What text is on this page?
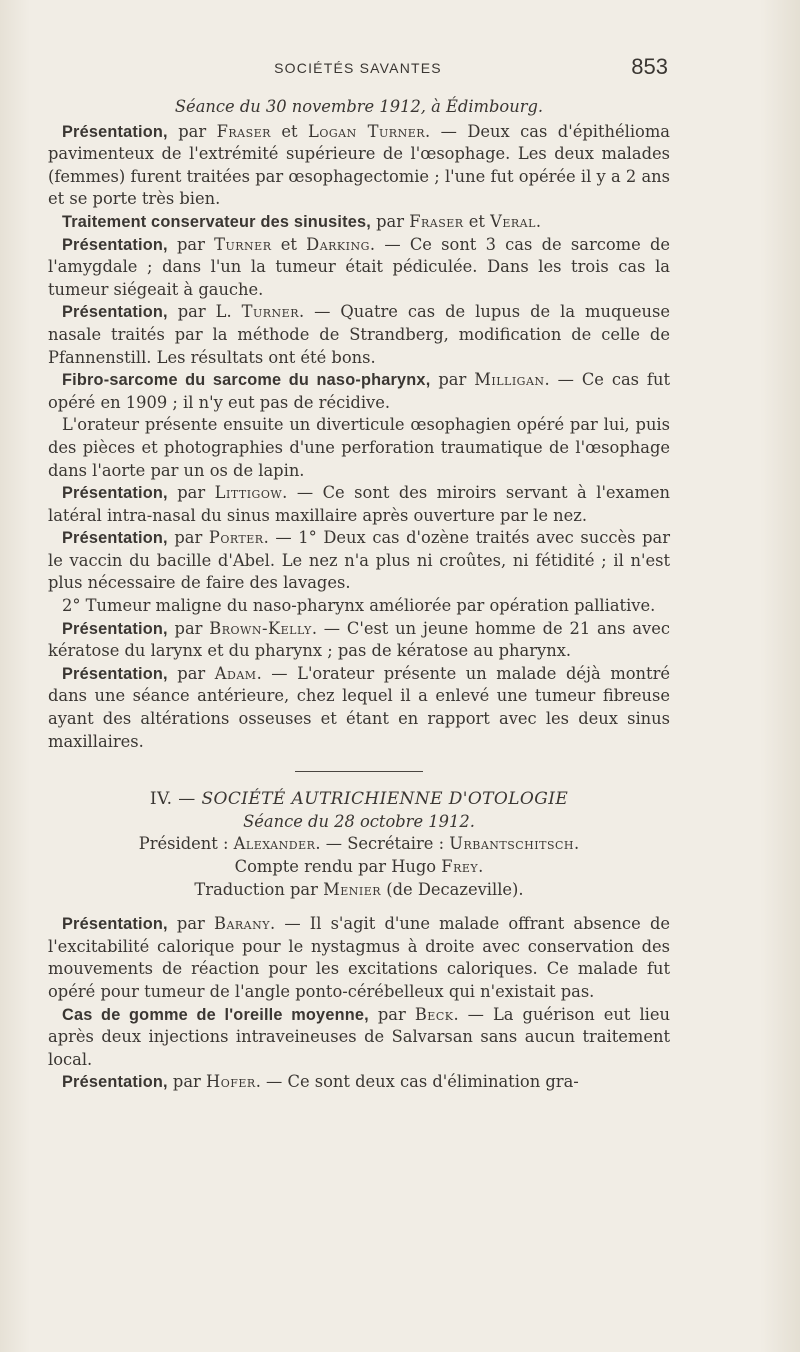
SOCIÉTÉS SAVANTES	853

Séance du 30 novembre 1912, à Édimbourg.

Présentation, par Fraser et Logan Turner. — Deux cas d'épithélioma pavimenteux de l'extrémité supérieure de l'œsophage. Les deux malades (femmes) furent traitées par œsophagectomie ; l'une fut opérée il y a 2 ans et se porte très bien.

Traitement conservateur des sinusites, par Fraser et Veral.

Présentation, par Turner et Darking. — Ce sont 3 cas de sarcome de l'amygdale ; dans l'un la tumeur était pédiculée. Dans les trois cas la tumeur siégeait à gauche.

Présentation, par L. Turner. — Quatre cas de lupus de la muqueuse nasale traités par la méthode de Strandberg, modification de celle de Pfannenstill. Les résultats ont été bons.

Fibro-sarcome du sarcome du naso-pharynx, par Milligan. — Ce cas fut opéré en 1909 ; il n'y eut pas de récidive.

L'orateur présente ensuite un diverticule œsophagien opéré par lui, puis des pièces et photographies d'une perforation traumatique de l'œsophage dans l'aorte par un os de lapin.

Présentation, par Littigow. — Ce sont des miroirs servant à l'examen latéral intra-nasal du sinus maxillaire après ouverture par le nez.

Présentation, par Porter. — 1° Deux cas d'ozène traités avec succès par le vaccin du bacille d'Abel. Le nez n'a plus ni croûtes, ni fétidité ; il n'est plus nécessaire de faire des lavages.

2° Tumeur maligne du naso-pharynx améliorée par opération palliative.

Présentation, par Brown-Kelly. — C'est un jeune homme de 21 ans avec kératose du larynx et du pharynx ; pas de kératose au pharynx.

Présentation, par Adam. — L'orateur présente un malade déjà montré dans une séance antérieure, chez lequel il a enlevé une tumeur fibreuse ayant des altérations osseuses et étant en rapport avec les deux sinus maxillaires.

IV. — SOCIÉTÉ AUTRICHIENNE D'OTOLOGIE

Séance du 28 octobre 1912.

Président : Alexander. — Secrétaire : Urbantschitsch.

Compte rendu par Hugo Frey.

Traduction par Menier (de Decazeville).

Présentation, par Barany. — Il s'agit d'une malade offrant absence de l'excitabilité calorique pour le nystagmus à droite avec conservation des mouvements de réaction pour les excitations caloriques. Ce malade fut opéré pour tumeur de l'angle ponto-cérébelleux qui n'existait pas.

Cas de gomme de l'oreille moyenne, par Beck. — La guérison eut lieu après deux injections intraveineuses de Salvarsan sans aucun traitement local.

Présentation, par Hofer. — Ce sont deux cas d'élimination gra-
